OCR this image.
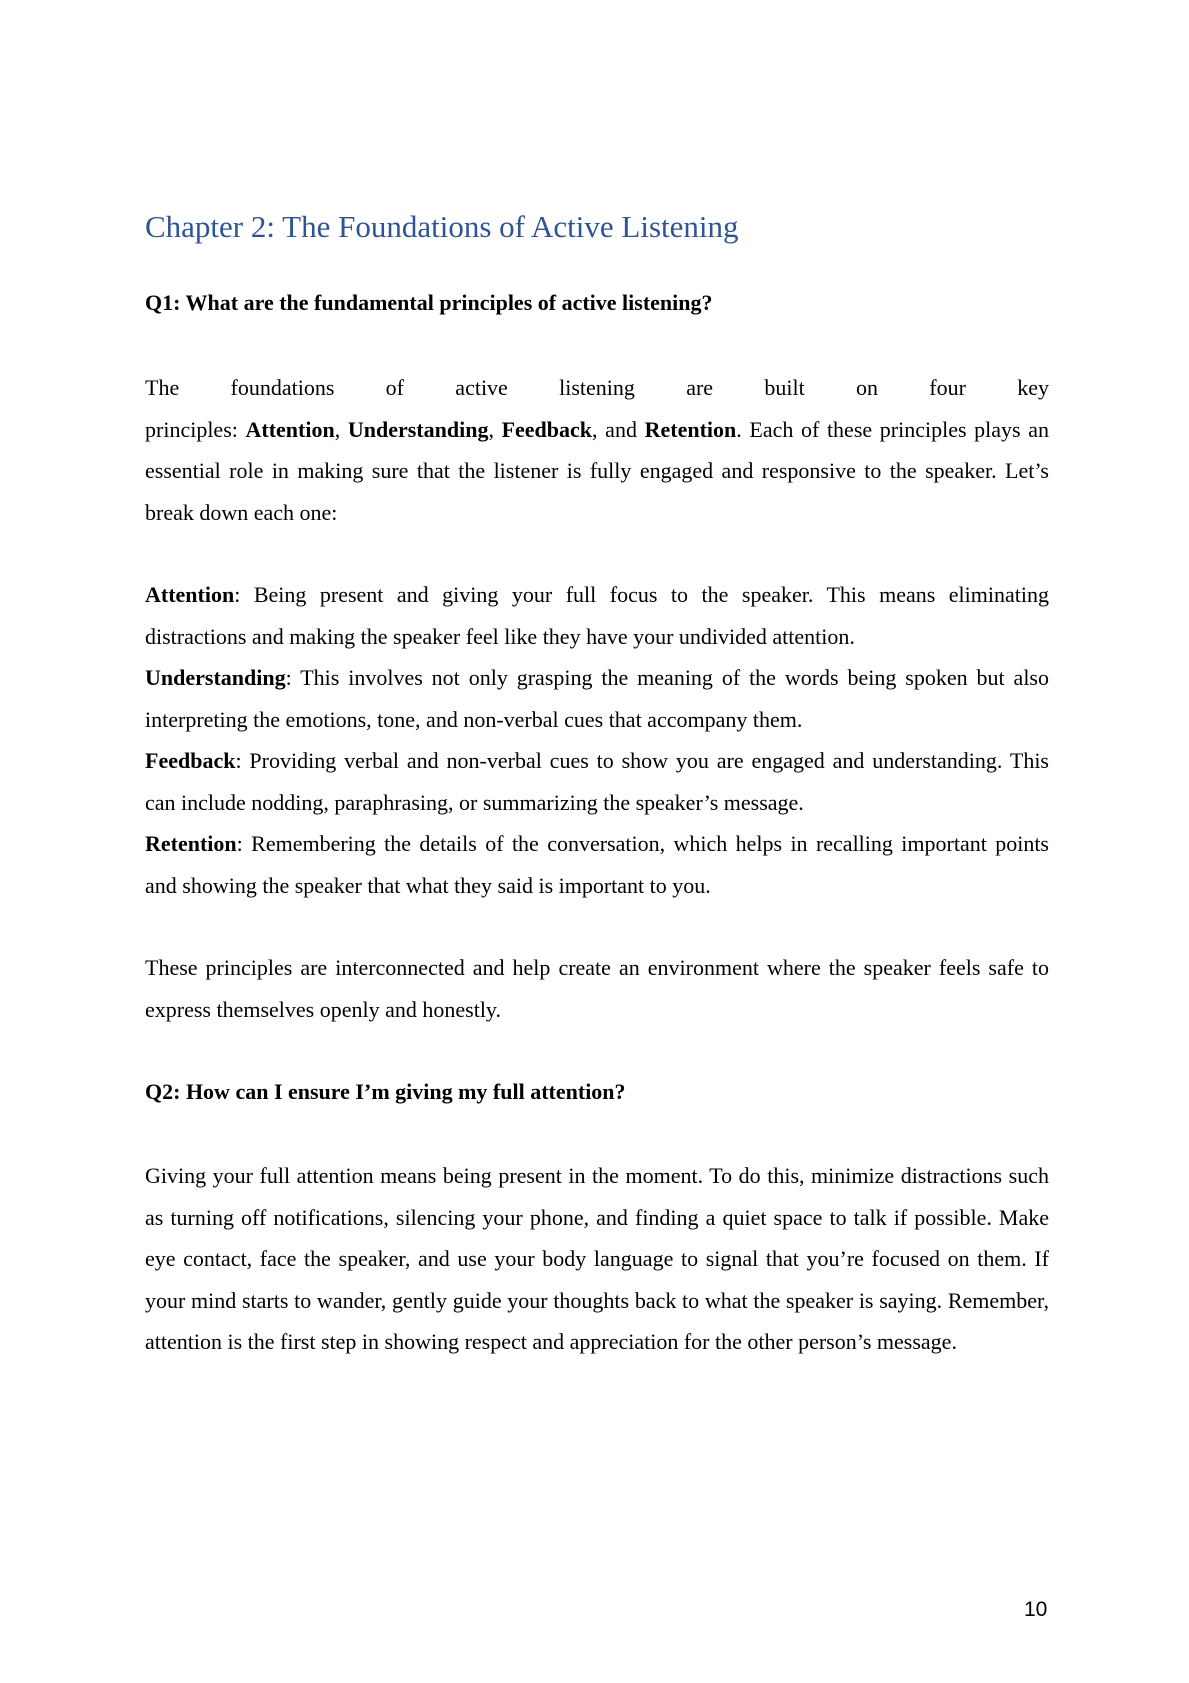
Chapter 2: The Foundations of Active Listening
Q1: What are the fundamental principles of active listening?
The foundations of active listening are built on four key
principles: Attention, Understanding, Feedback, and Retention. Each of these principles plays an essential role in making sure that the listener is fully engaged and responsive to the speaker. Let’s break down each one:
Attention: Being present and giving your full focus to the speaker. This means eliminating distractions and making the speaker feel like they have your undivided attention.
Understanding: This involves not only grasping the meaning of the words being spoken but also interpreting the emotions, tone, and non-verbal cues that accompany them.
Feedback: Providing verbal and non-verbal cues to show you are engaged and understanding. This can include nodding, paraphrasing, or summarizing the speaker’s message.
Retention: Remembering the details of the conversation, which helps in recalling important points and showing the speaker that what they said is important to you.

These principles are interconnected and help create an environment where the speaker feels safe to express themselves openly and honestly.

Q2: How can I ensure I’m giving my full attention?

Giving your full attention means being present in the moment. To do this, minimize distractions such as turning off notifications, silencing your phone, and finding a quiet space to talk if possible. Make eye contact, face the speaker, and use your body language to signal that you’re focused on them. If your mind starts to wander, gently guide your thoughts back to what the speaker is saying. Remember, attention is the first step in showing respect and appreciation for the other person’s message.

10
